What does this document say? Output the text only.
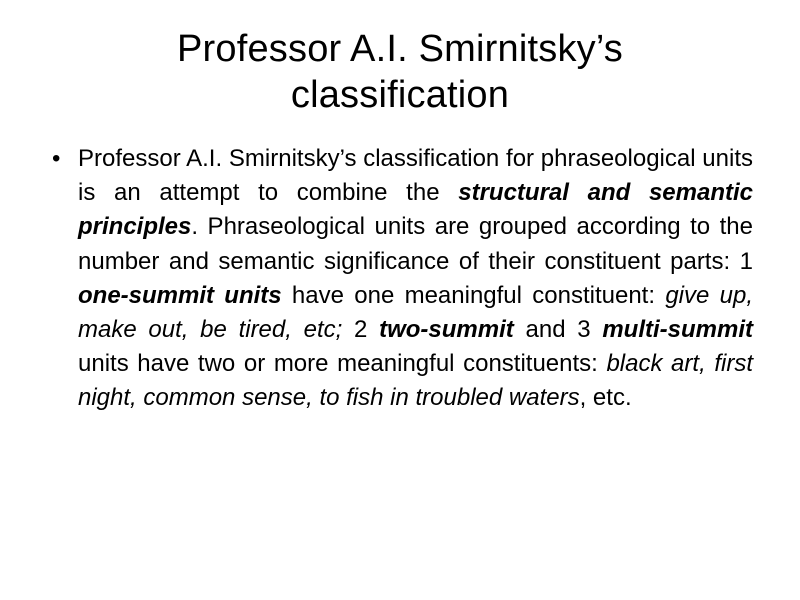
Professor A.I. Smirnitsky’s
classification
• Professor A.I. Smirnitsky’s classification for phraseological units is an attempt to combine the structural and semantic principles. Phraseological units are grouped according to the number and semantic significance of their constituent parts: 1 one-summit units have one meaningful constituent: give up, make out, be tired, etc; 2 two-summit and 3 multi-summit units have two or more meaningful constituents: black art, first night, common sense, to fish in troubled waters, etc.
